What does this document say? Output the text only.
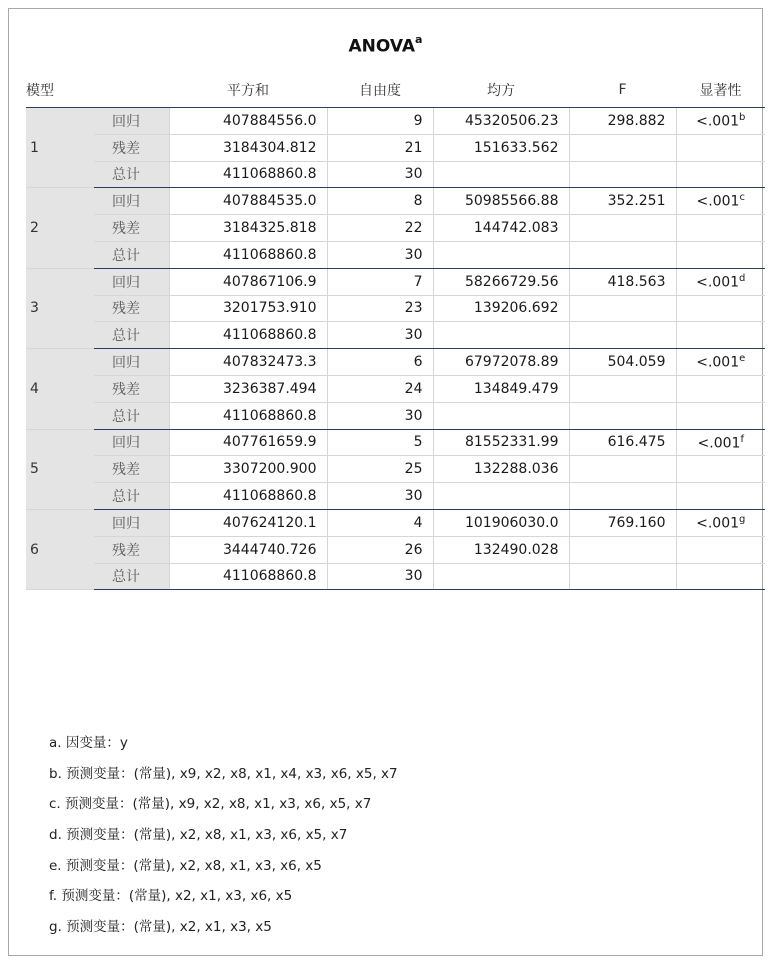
ANOVA$^a$
模型		平方和	自由度	均方	F	显著性
1	回归	407884556.0	9	45320506.23	298.882	<.001$^b$
	残差	3184304.812	21	151633.562		
	总计	411068860.8	30			
2	回归	407884535.0	8	50985566.88	352.251	<.001$^c$
	残差	3184325.818	22	144742.083		
	总计	411068860.8	30			
3	回归	407867106.9	7	58266729.56	418.563	<.001$^d$
	残差	3201753.910	23	139206.692		
	总计	411068860.8	30			
4	回归	407832473.3	6	67972078.89	504.059	<.001$^e$
	残差	3236387.494	24	134849.479		
	总计	411068860.8	30			
5	回归	407761659.9	5	81552331.99	616.475	<.001$^f$
	残差	3307200.900	25	132288.036		
	总计	411068860.8	30			
6	回归	407624120.1	4	101906030.0	769.160	<.001$^g$
	残差	3444740.726	26	132490.028		
	总计	411068860.8	30			
a. 因变量：y
b. 预测变量：(常量), x9, x2, x8, x1, x4, x3, x6, x5, x7
c. 预测变量：(常量), x9, x2, x8, x1, x3, x6, x5, x7
d. 预测变量：(常量), x2, x8, x1, x3, x6, x5, x7
e. 预测变量：(常量), x2, x8, x1, x3, x6, x5
f. 预测变量：(常量), x2, x1, x3, x6, x5
g. 预测变量：(常量), x2, x1, x3, x5
